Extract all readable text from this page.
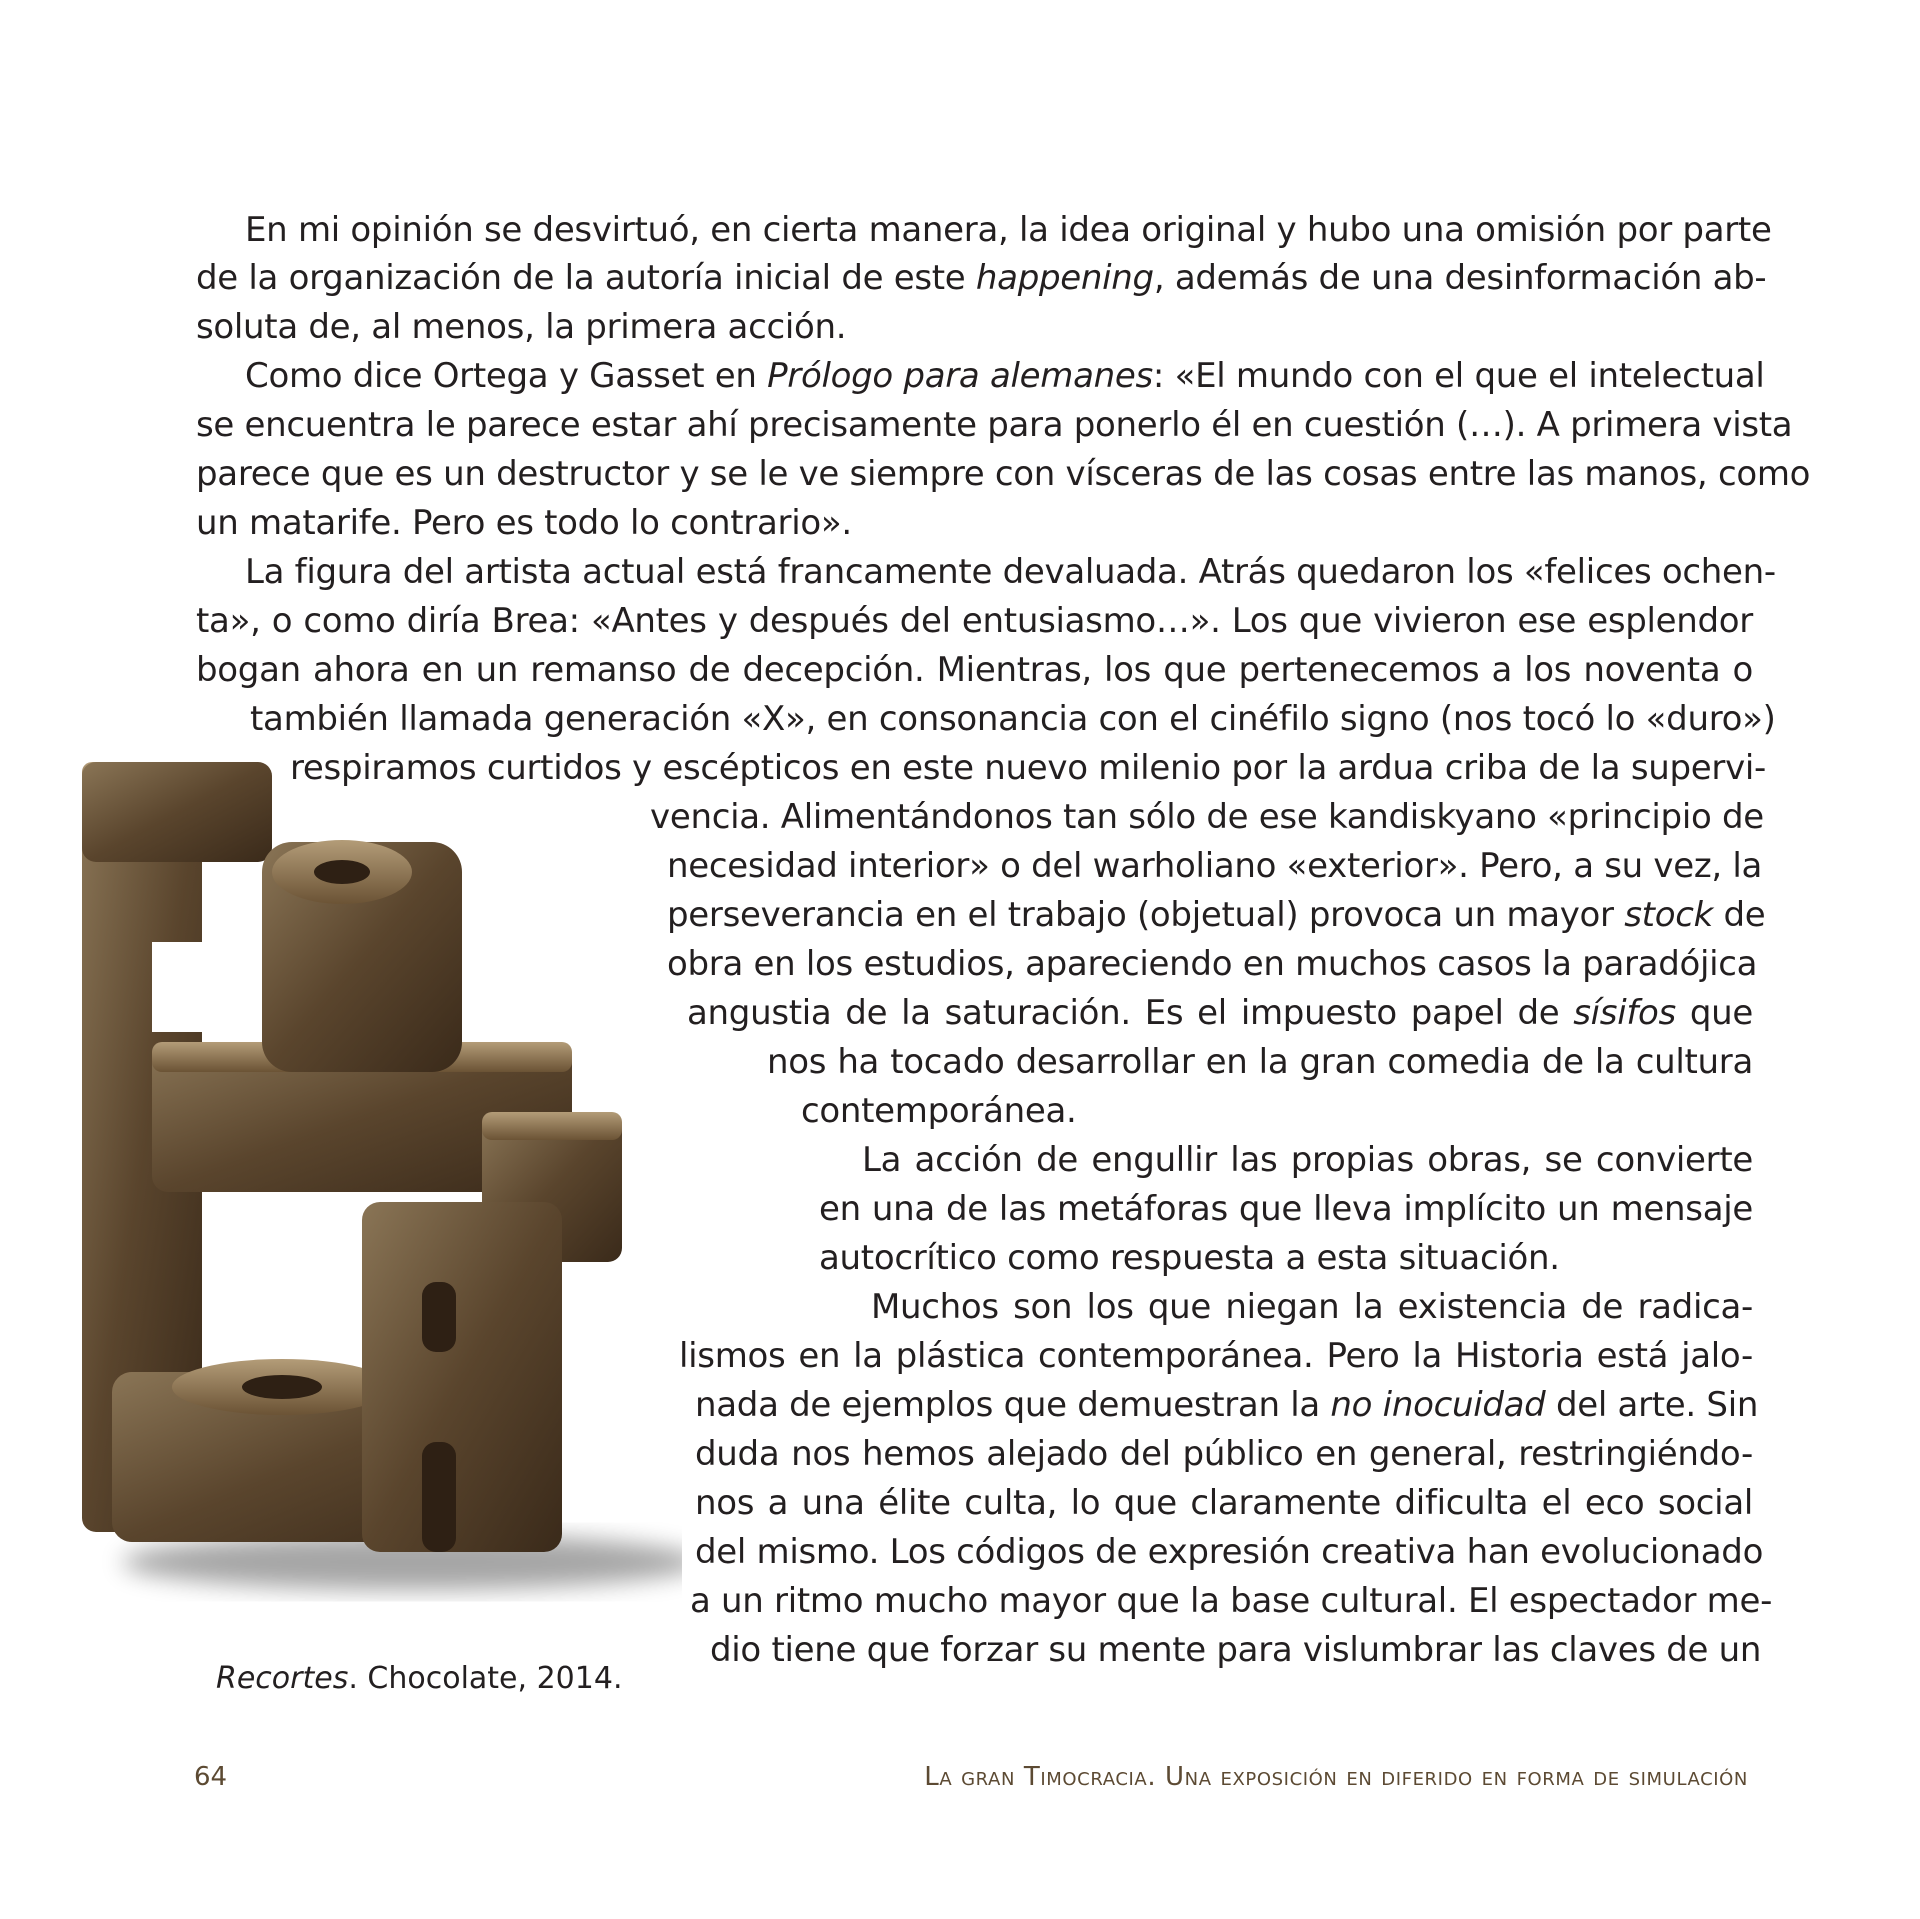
En mi opinión se desvirtuó, en cierta manera, la idea original y hubo una omisión por parte
de la organización de la autoría inicial de este happening, además de una desinformación ab-
soluta de, al menos, la primera acción.
Como dice Ortega y Gasset en Prólogo para alemanes: «El mundo con el que el intelectual
se encuentra le parece estar ahí precisamente para ponerlo él en cuestión (…). A primera vista
parece que es un destructor y se le ve siempre con vísceras de las cosas entre las manos, como
un matarife. Pero es todo lo contrario».
La figura del artista actual está francamente devaluada. Atrás quedaron los «felices ochen-
ta», o como diría Brea: «Antes y después del entusiasmo…». Los que vivieron ese esplendor
bogan ahora en un remanso de decepción. Mientras, los que pertenecemos a los noventa o
también llamada generación «X», en consonancia con el cinéfilo signo (nos tocó lo «duro»)
respiramos curtidos y escépticos en este nuevo milenio por la ardua criba de la supervi-
vencia. Alimentándonos tan sólo de ese kandiskyano «principio de
necesidad interior» o del warholiano «exterior». Pero, a su vez, la
perseverancia en el trabajo (objetual) provoca un mayor stock de
obra en los estudios, apareciendo en muchos casos la paradójica
angustia de la saturación. Es el impuesto papel de sísifos que
nos ha tocado desarrollar en la gran comedia de la cultura
contemporánea.
La acción de engullir las propias obras, se convierte
en una de las metáforas que lleva implícito un mensaje
autocrítico como respuesta a esta situación.
Muchos son los que niegan la existencia de radica-
lismos en la plástica contemporánea. Pero la Historia está jalo-
nada de ejemplos que demuestran la no inocuidad del arte. Sin
duda nos hemos alejado del público en general, restringiéndo-
nos a una élite culta, lo que claramente dificulta el eco social
del mismo. Los códigos de expresión creativa han evolucionado
a un ritmo mucho mayor que la base cultural. El espectador me-
dio tiene que forzar su mente para vislumbrar las claves de un
Recortes. Chocolate, 2014.
64	La gran Timocracia. Una exposición en diferido en forma de simulación
